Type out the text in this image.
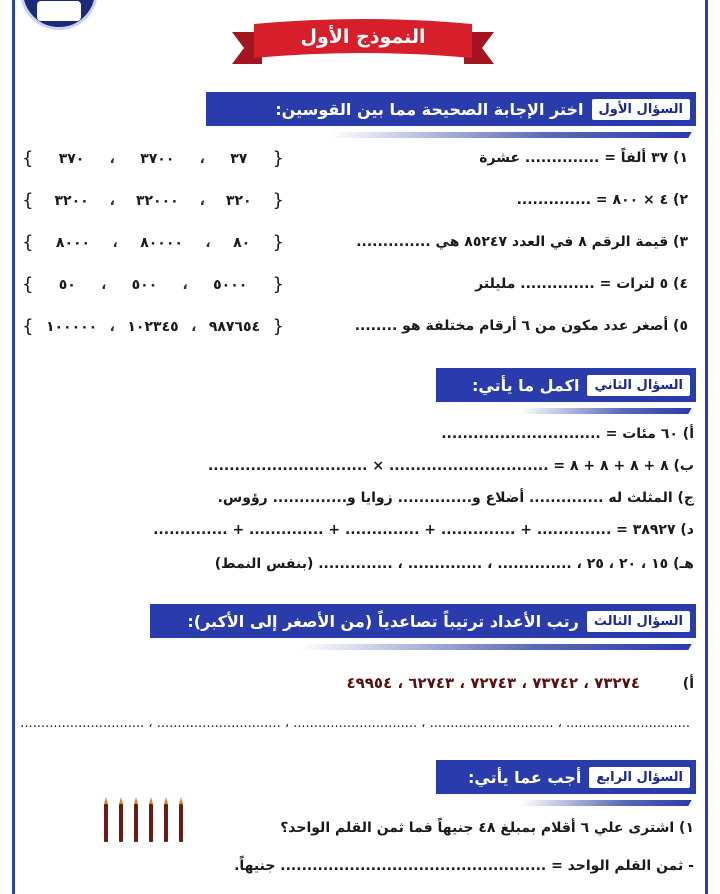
النموذج الأول
السؤال الأول
اختر الإجابة الصحيحة مما بين القوسين:
١) ٣٧ ألفاً = .............. عشرة
{
٣٧
،
٣٧٠٠
،
٣٧٠
}
٢) ٤ × ٨٠٠ = ..............
{
٣٢٠
،
٣٢٠٠٠
،
٣٢٠٠
}
٣) قيمة الرقم ٨ في العدد ٨٥٢٤٧ هي ..............
{
٨٠
،
٨٠٠٠٠
،
٨٠٠٠
}
٤) ٥ لترات = .............. مليلتر
{
٥٠٠٠
،
٥٠٠
،
٥٠
}
٥) أصغر عدد مكون من ٦ أرقام مختلفة هو ........
{
٩٨٧٦٥٤
،
١٠٢٣٤٥
،
١٠٠٠٠٠
}
السؤال الثاني
اكمل ما يأتي:
أ) ٦٠ مئات = ..............................
ب) ٨ + ٨ + ٨ + ٨ = .............................. × ..............................
ج) المثلث له .............. أضلاع و.............. زوايا و.............. رؤوس.
د) ٣٨٩٢٧ = .............. + .............. + .............. + .............. + ..............
هـ) ١٥ ، ٢٠ ، ٢٥ ، .............. ، .............. ، .............. (بنفس النمط)
السؤال الثالث
رتب الأعداد ترتيباً تصاعدياً (من الأصغر إلى الأكبر):
أ)
٧٣٢٧٤ ، ٧٣٧٤٢ ، ٧٢٧٤٣ ، ٦٢٧٤٣ ، ٤٩٩٥٤
.............................. ، .............................. ، .............................. ، .............................. ، ..............................
السؤال الرابع
أجب عما يأتي:
١) اشترى علي ٦ أقلام بمبلغ ٤٨ جنيهاً فما ثمن القلم الواحد؟
- ثمن القلم الواحد = .................................................. جنيهاً.
